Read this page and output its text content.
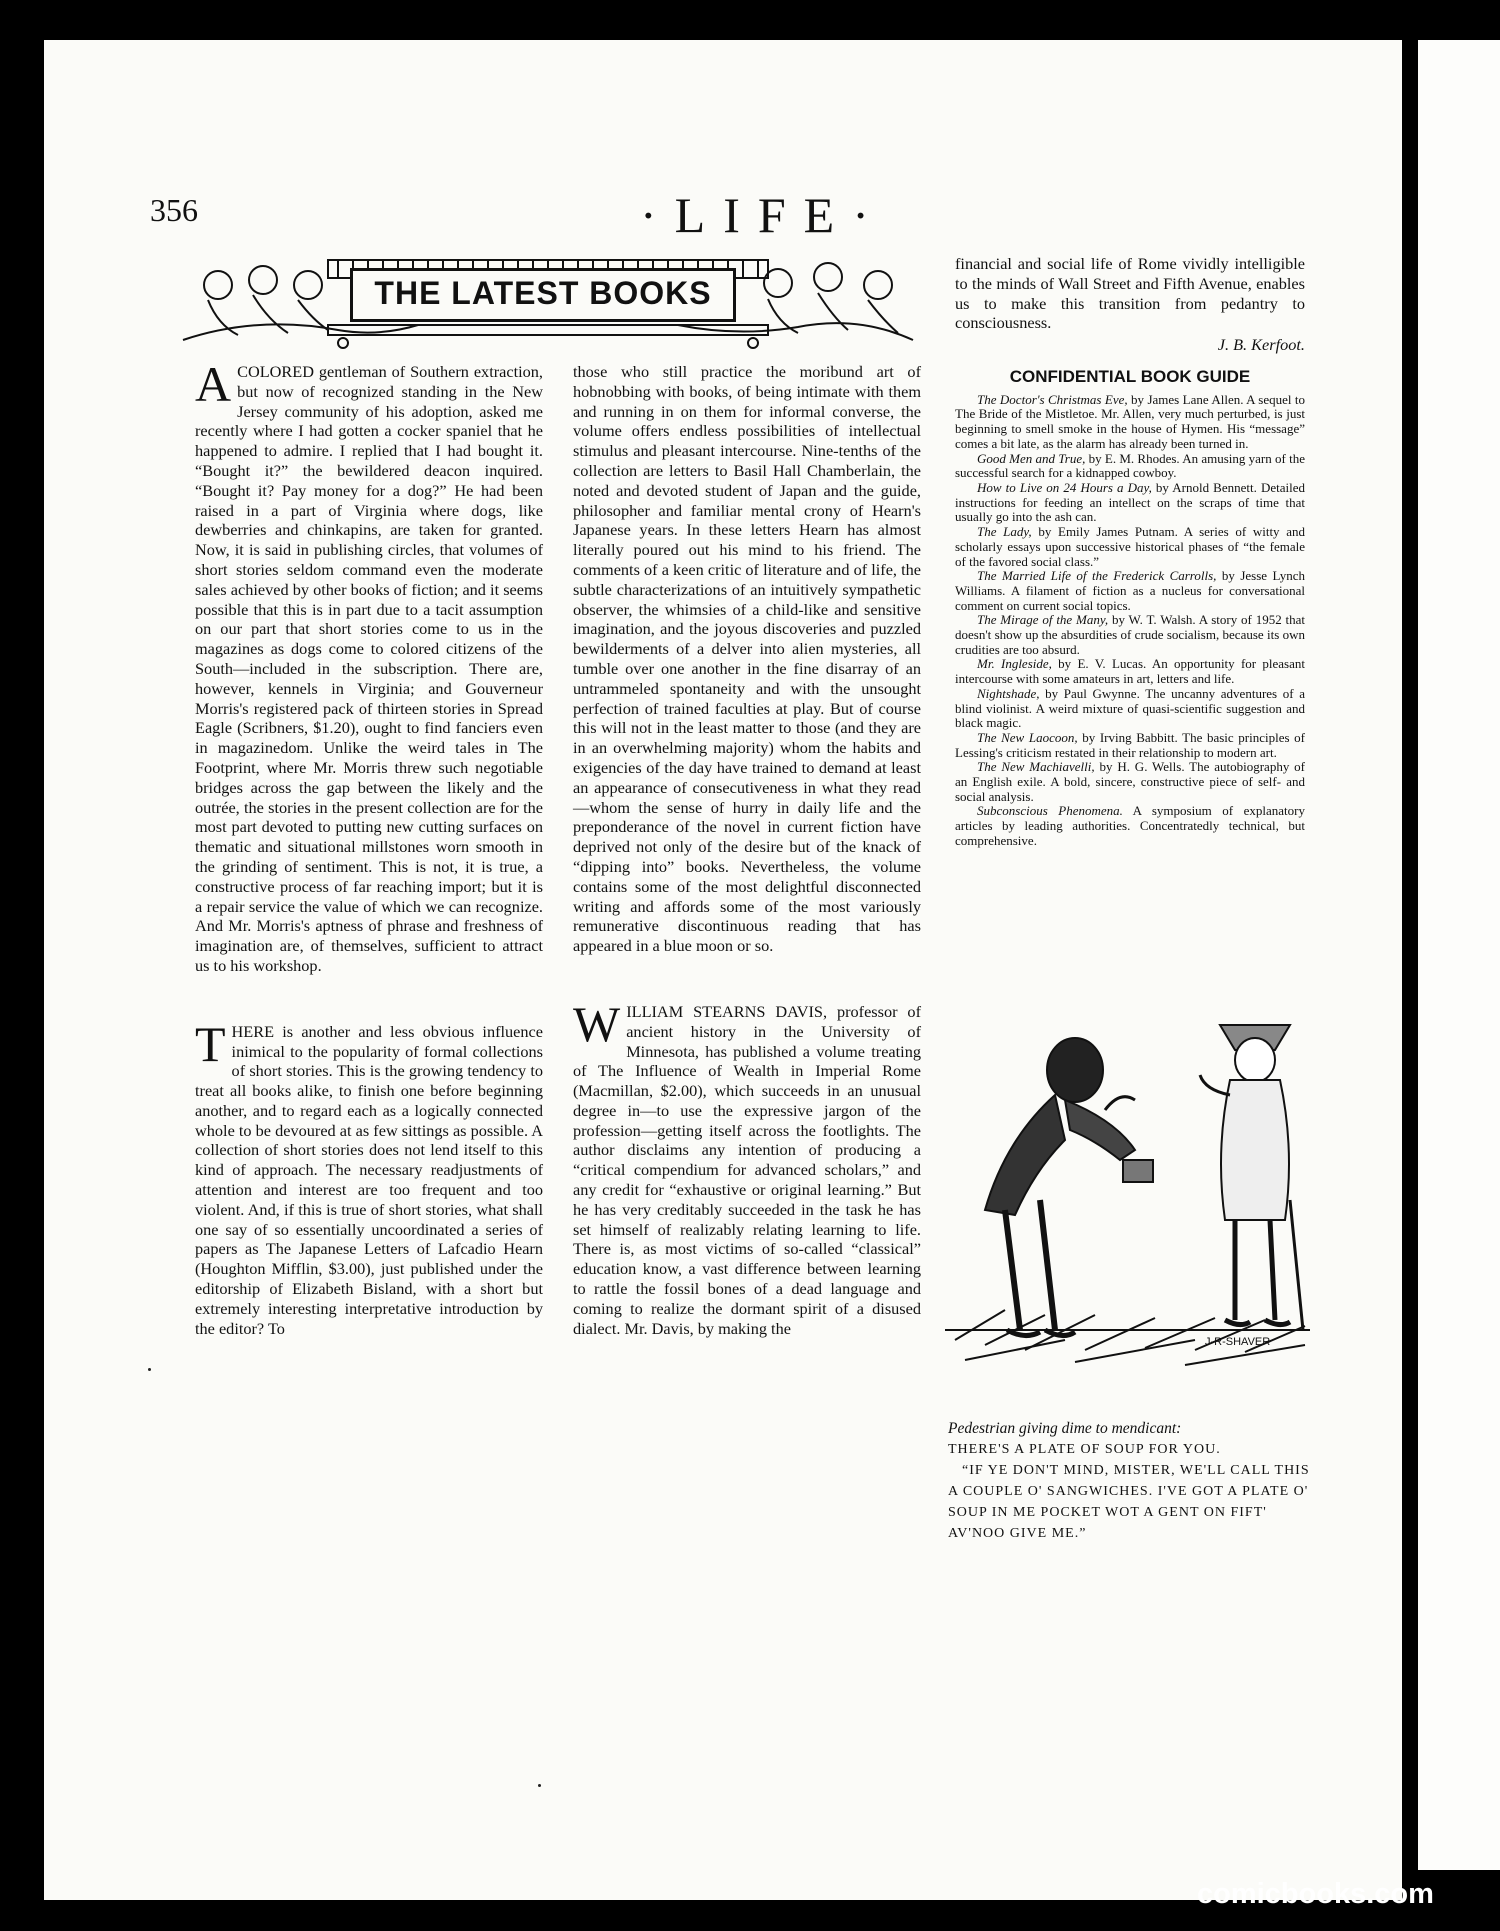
356	·LIFE·
THE LATEST BOOKS

ACOLORED gentleman of Southern extraction, but now of recognized standing in the New Jersey community of his adoption, asked me recently where I had gotten a cocker spaniel that he happened to admire. I replied that I had bought it. “Bought it?” the bewildered deacon inquired. “Bought it? Pay money for a dog?” He had been raised in a part of Virginia where dogs, like dewberries and chinkapins, are taken for granted. Now, it is said in publishing circles, that volumes of short stories seldom command even the moderate sales achieved by other books of fiction; and it seems possible that this is in part due to a tacit assumption on our part that short stories come to us in the magazines as dogs come to colored citizens of the South—included in the subscription. There are, however, kennels in Virginia; and Gouverneur Morris's registered pack of thirteen stories in Spread Eagle (Scribners, $1.20), ought to find fanciers even in magazinedom. Unlike the weird tales in The Footprint, where Mr. Morris threw such negotiable bridges across the gap between the likely and the outrée, the stories in the present collection are for the most part devoted to putting new cutting surfaces on thematic and situational millstones worn smooth in the grinding of sentiment. This is not, it is true, a constructive process of far reaching import; but it is a repair service the value of which we can recognize. And Mr. Morris's aptness of phrase and freshness of imagination are, of themselves, sufficient to attract us to his workshop.

THERE is another and less obvious influence inimical to the popularity of formal collections of short stories. This is the growing tendency to treat all books alike, to finish one before beginning another, and to regard each as a logically connected whole to be devoured at as few sittings as possible. A collection of short stories does not lend itself to this kind of approach. The necessary readjustments of attention and interest are too frequent and too violent. And, if this is true of short stories, what shall one say of so essentially uncoordinated a series of papers as The Japanese Letters of Lafcadio Hearn (Houghton Mifflin, $3.00), just published under the editorship of Elizabeth Bisland, with a short but extremely interesting interpretative introduction by the editor? To

those who still practice the moribund art of hobnobbing with books, of being intimate with them and running in on them for informal converse, the volume offers endless possibilities of intellectual stimulus and pleasant intercourse. Nine-tenths of the collection are letters to Basil Hall Chamberlain, the noted and devoted student of Japan and the guide, philosopher and familiar mental crony of Hearn's Japanese years. In these letters Hearn has almost literally poured out his mind to his friend. The comments of a keen critic of literature and of life, the subtle characterizations of an intuitively sympathetic observer, the whimsies of a child-like and sensitive imagination, and the joyous discoveries and puzzled bewilderments of a delver into alien mysteries, all tumble over one another in the fine disarray of an untrammeled spontaneity and with the unsought perfection of trained faculties at play. But of course this will not in the least matter to those (and they are in an overwhelming majority) whom the habits and exigencies of the day have trained to demand at least an appearance of consecutiveness in what they read—whom the sense of hurry in daily life and the preponderance of the novel in current fiction have deprived not only of the desire but of the knack of “dipping into” books. Nevertheless, the volume contains some of the most delightful disconnected writing and affords some of the most variously remunerative discontinuous reading that has appeared in a blue moon or so.

WILLIAM STEARNS DAVIS, professor of ancient history in the University of Minnesota, has published a volume treating of The Influence of Wealth in Imperial Rome (Macmillan, $2.00), which succeeds in an unusual degree in—to use the expressive jargon of the profession—getting itself across the footlights. The author disclaims any intention of producing a “critical compendium for advanced scholars,” and any credit for “exhaustive or original learning.” But he has very creditably succeeded in the task he has set himself of realizably relating learning to life. There is, as most victims of so-called “classical” education know, a vast difference between learning to rattle the fossil bones of a dead language and coming to realize the dormant spirit of a disused dialect. Mr. Davis, by making the

financial and social life of Rome vividly intelligible to the minds of Wall Street and Fifth Avenue, enables us to make this transition from pedantry to consciousness.

J. B. Kerfoot.
CONFIDENTIAL BOOK GUIDE

The Doctor's Christmas Eve, by James Lane Allen. A sequel to The Bride of the Mistletoe. Mr. Allen, very much perturbed, is just beginning to smell smoke in the house of Hymen. His “message” comes a bit late, as the alarm has already been turned in.

Good Men and True, by E. M. Rhodes. An amusing yarn of the successful search for a kidnapped cowboy.

How to Live on 24 Hours a Day, by Arnold Bennett. Detailed instructions for feeding an intellect on the scraps of time that usually go into the ash can.

The Lady, by Emily James Putnam. A series of witty and scholarly essays upon successive historical phases of “the female of the favored social class.”

The Married Life of the Frederick Carrolls, by Jesse Lynch Williams. A filament of fiction as a nucleus for conversational comment on current social topics.

The Mirage of the Many, by W. T. Walsh. A story of 1952 that doesn't show up the absurdities of crude socialism, because its own crudities are too absurd.

Mr. Ingleside, by E. V. Lucas. An opportunity for pleasant intercourse with some amateurs in art, letters and life.

Nightshade, by Paul Gwynne. The uncanny adventures of a blind violinist. A weird mixture of quasi-scientific suggestion and black magic.

The New Laocoon, by Irving Babbitt. The basic principles of Lessing's criticism restated in their relationship to modern art.

The New Machiavelli, by H. G. Wells. The autobiography of an English exile. A bold, sincere, constructive piece of self- and social analysis.

Subconscious Phenomena. A symposium of explanatory articles by leading authorities. Concentratedly technical, but comprehensive.

J-R-SHAVER
Pedestrian giving dime to mendicant:
THERE'S A PLATE OF SOUP FOR YOU.
“IF YE DON'T MIND, MISTER, WE'LL CALL THIS A COUPLE O' SANGWICHES. I'VE GOT A PLATE O' SOUP IN ME POCKET WOT A GENT ON FIFT' AV'NOO GIVE ME.”
comicbooks.com
